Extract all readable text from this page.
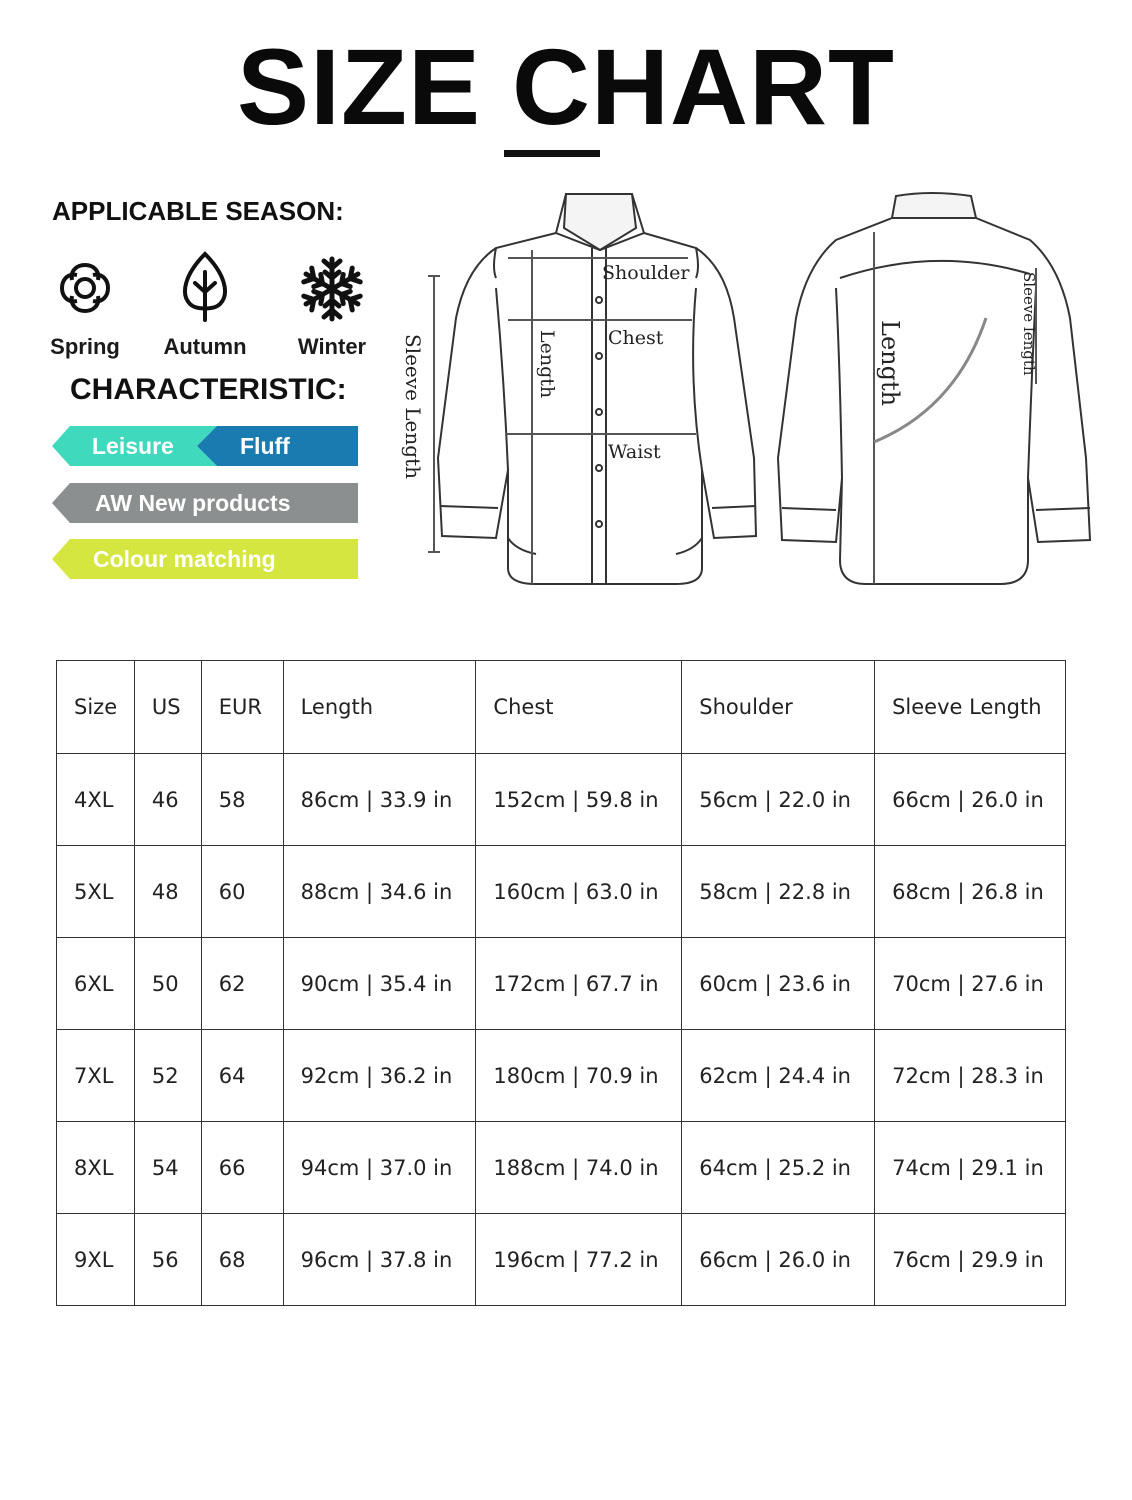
SIZE CHART
APPLICABLE SEASON:
Spring	Autumn	Winter
CHARACTERISTIC:
Leisure	Fluff
AW New products
Colour matching
Shoulder
Chest
Waist
Length
Sleeve Length	Length	Sleeve length
Size	US	EUR	Length	Chest	Shoulder	Sleeve Length
4XL	46	58	86cm | 33.9 in	152cm | 59.8 in	56cm | 22.0 in	66cm | 26.0 in
5XL	48	60	88cm | 34.6 in	160cm | 63.0 in	58cm | 22.8 in	68cm | 26.8 in
6XL	50	62	90cm | 35.4 in	172cm | 67.7 in	60cm | 23.6 in	70cm | 27.6 in
7XL	52	64	92cm | 36.2 in	180cm | 70.9 in	62cm | 24.4 in	72cm | 28.3 in
8XL	54	66	94cm | 37.0 in	188cm | 74.0 in	64cm | 25.2 in	74cm | 29.1 in
9XL	56	68	96cm | 37.8 in	196cm | 77.2 in	66cm | 26.0 in	76cm | 29.9 in
